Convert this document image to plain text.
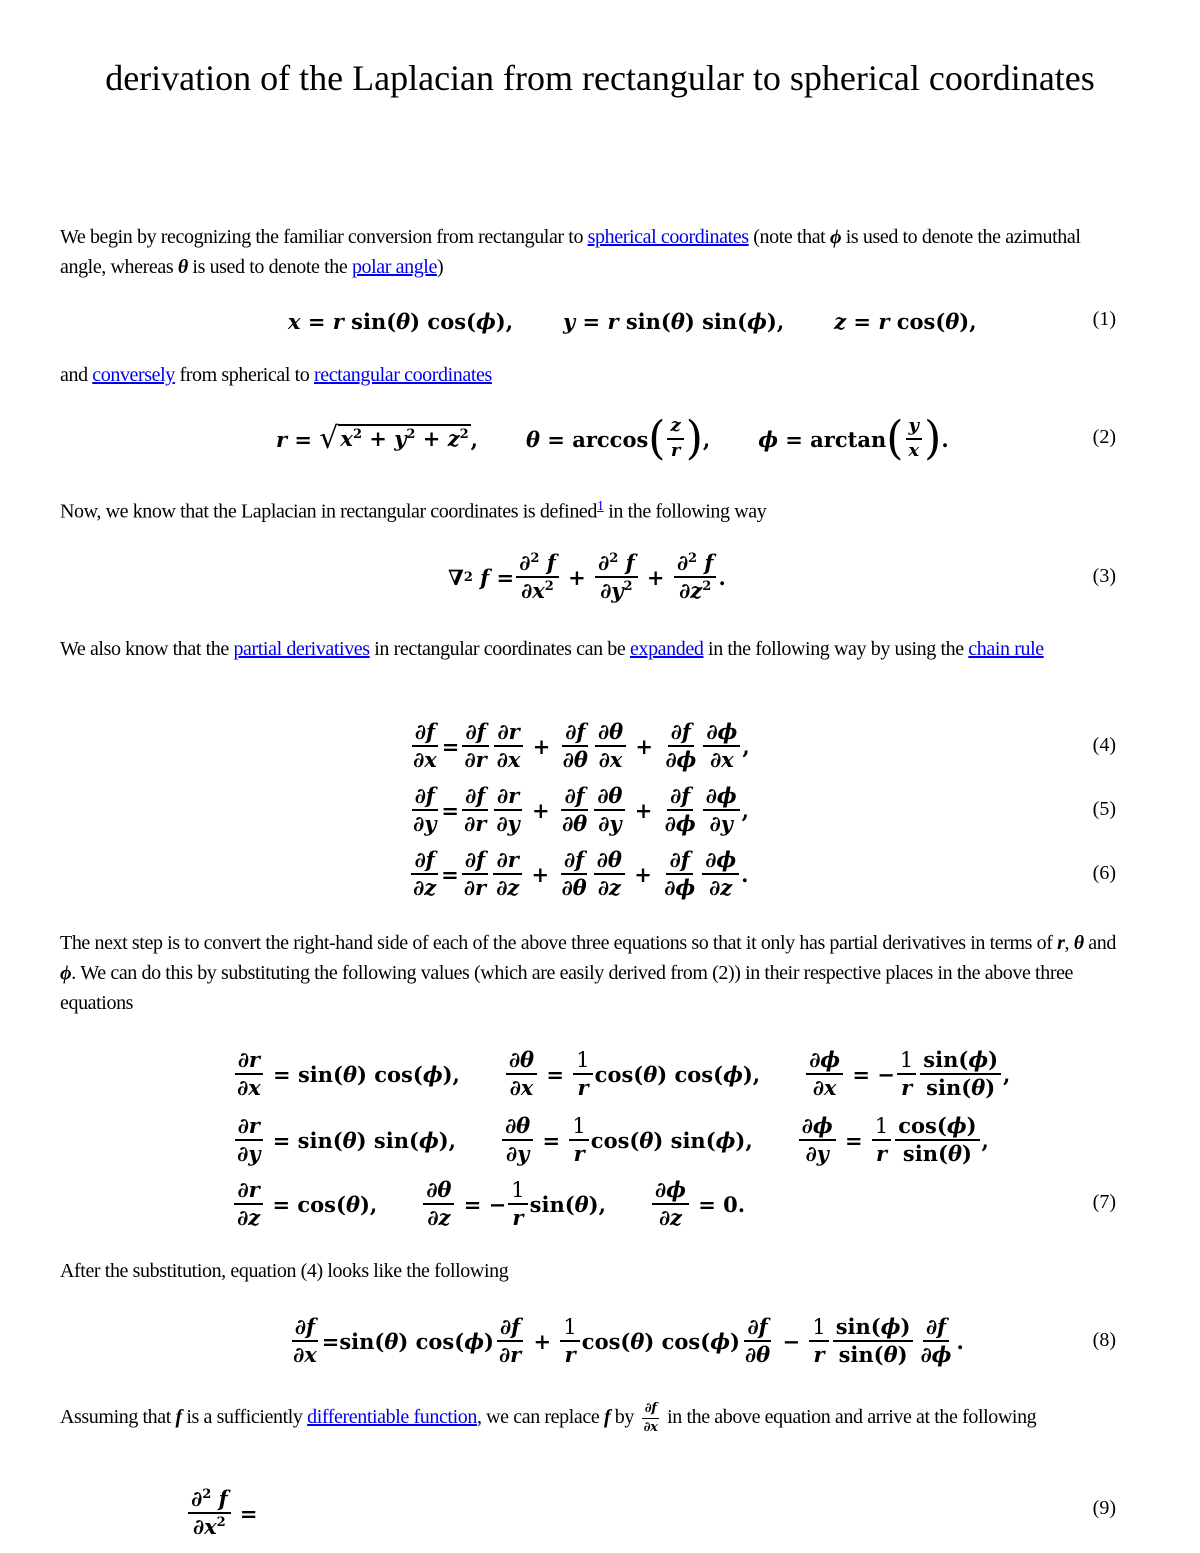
derivation of the Laplacian from rectangular to spherical coordinates
We begin by recognizing the familiar conversion from rectangular to spherical coordinates (note that ϕ is used to denote the azimuthal angle, whereas θ is used to denote the polar angle)
x = r sin( θ ) cos( ϕ ), y = r sin( θ ) sin( ϕ ), z = r cos( θ ),	(1)
and conversely from spherical to rectangular coordinates
r = √ $x^2 + y^2 + z^2$ , θ = arccos ( $\frac{z}{r}$ ) , ϕ = arctan ( $\frac{y}{x}$ ) .	(2)
Now, we know that the Laplacian in rectangular coordinates is defined$^1$ in the following way
∇ 2
$f = \frac{\partial^2 f}{\partial x^2} + \frac{\partial^2 f}{\partial y^2} + \frac{\partial^2 f}{\partial z^2}$ .	(3)
We also know that the partial derivatives in rectangular coordinates can be expanded in the following way by using the chain rule
$\frac{\partial f}{\partial x} = \frac{\partial f}{\partial r} \frac{\partial r}{\partial x} + \frac{\partial f}{\partial\theta} \frac{\partial\theta}{\partial x} + \frac{\partial f}{\partial\phi} \frac{\partial\phi}{\partial x}$ ,	(4)
$\frac{\partial f}{\partial y} = \frac{\partial f}{\partial r} \frac{\partial r}{\partial y} + \frac{\partial f}{\partial\theta} \frac{\partial\theta}{\partial y} + \frac{\partial f}{\partial\phi} \frac{\partial\phi}{\partial y}$ ,	(5)
$\frac{\partial f}{\partial z} = \frac{\partial f}{\partial r} \frac{\partial r}{\partial z} + \frac{\partial f}{\partial\theta} \frac{\partial\theta}{\partial z} + \frac{\partial f}{\partial\phi} \frac{\partial\phi}{\partial z}$ .	(6)
The next step is to convert the right-hand side of each of the above three equations so that it only has partial derivatives in terms of r, θ and ϕ. We can do this by substituting the following values (which are easily derived from (2)) in their respective places in the above three equations
$\frac{\partial r}{\partial x} = \sin$( θ ) cos( ϕ ), $\frac{\partial\theta}{\partial x} = \frac{1}{r} \cos$( θ ) cos( ϕ ), $\frac{\partial\phi}{\partial x}$ = − $\frac{1}{r} \frac{\sin(\phi)}{\sin(\theta)}$ ,
$\frac{\partial r}{\partial y} = \sin$( θ ) sin( ϕ ), $\frac{\partial\theta}{\partial y} = \frac{1}{r} \cos$( θ ) sin( ϕ ), $\frac{\partial\phi}{\partial y} = \frac{1}{r} \frac{\cos(\phi)}{\sin(\theta)}$ ,
$\frac{\partial r}{\partial z} = \cos$( θ ), $\frac{\partial\theta}{\partial z}$ = − $\frac{1}{r} \sin$( θ ), $\frac{\partial\phi}{\partial z} = 0$.	(7)
After the substitution, equation (4) looks like the following
$\frac{\partial f}{\partial x} =\sin$( θ ) cos( ϕ ) $\frac{\partial f}{\partial r} + \frac{1}{r} \cos$( θ ) cos( ϕ ) $\frac{\partial f}{\partial\theta} - \frac{1}{r} \frac{\sin(\phi)}{\sin(\theta)} \frac{\partial f}{\partial\phi}$ .	(8)
Assuming that f is a sufficiently differentiable function, we can replace f by $\frac{\partial f}{\partial x}$ in the above equation and arrive at the following
$\frac{\partial^2 f}{\partial x^2}$ =	(9)
